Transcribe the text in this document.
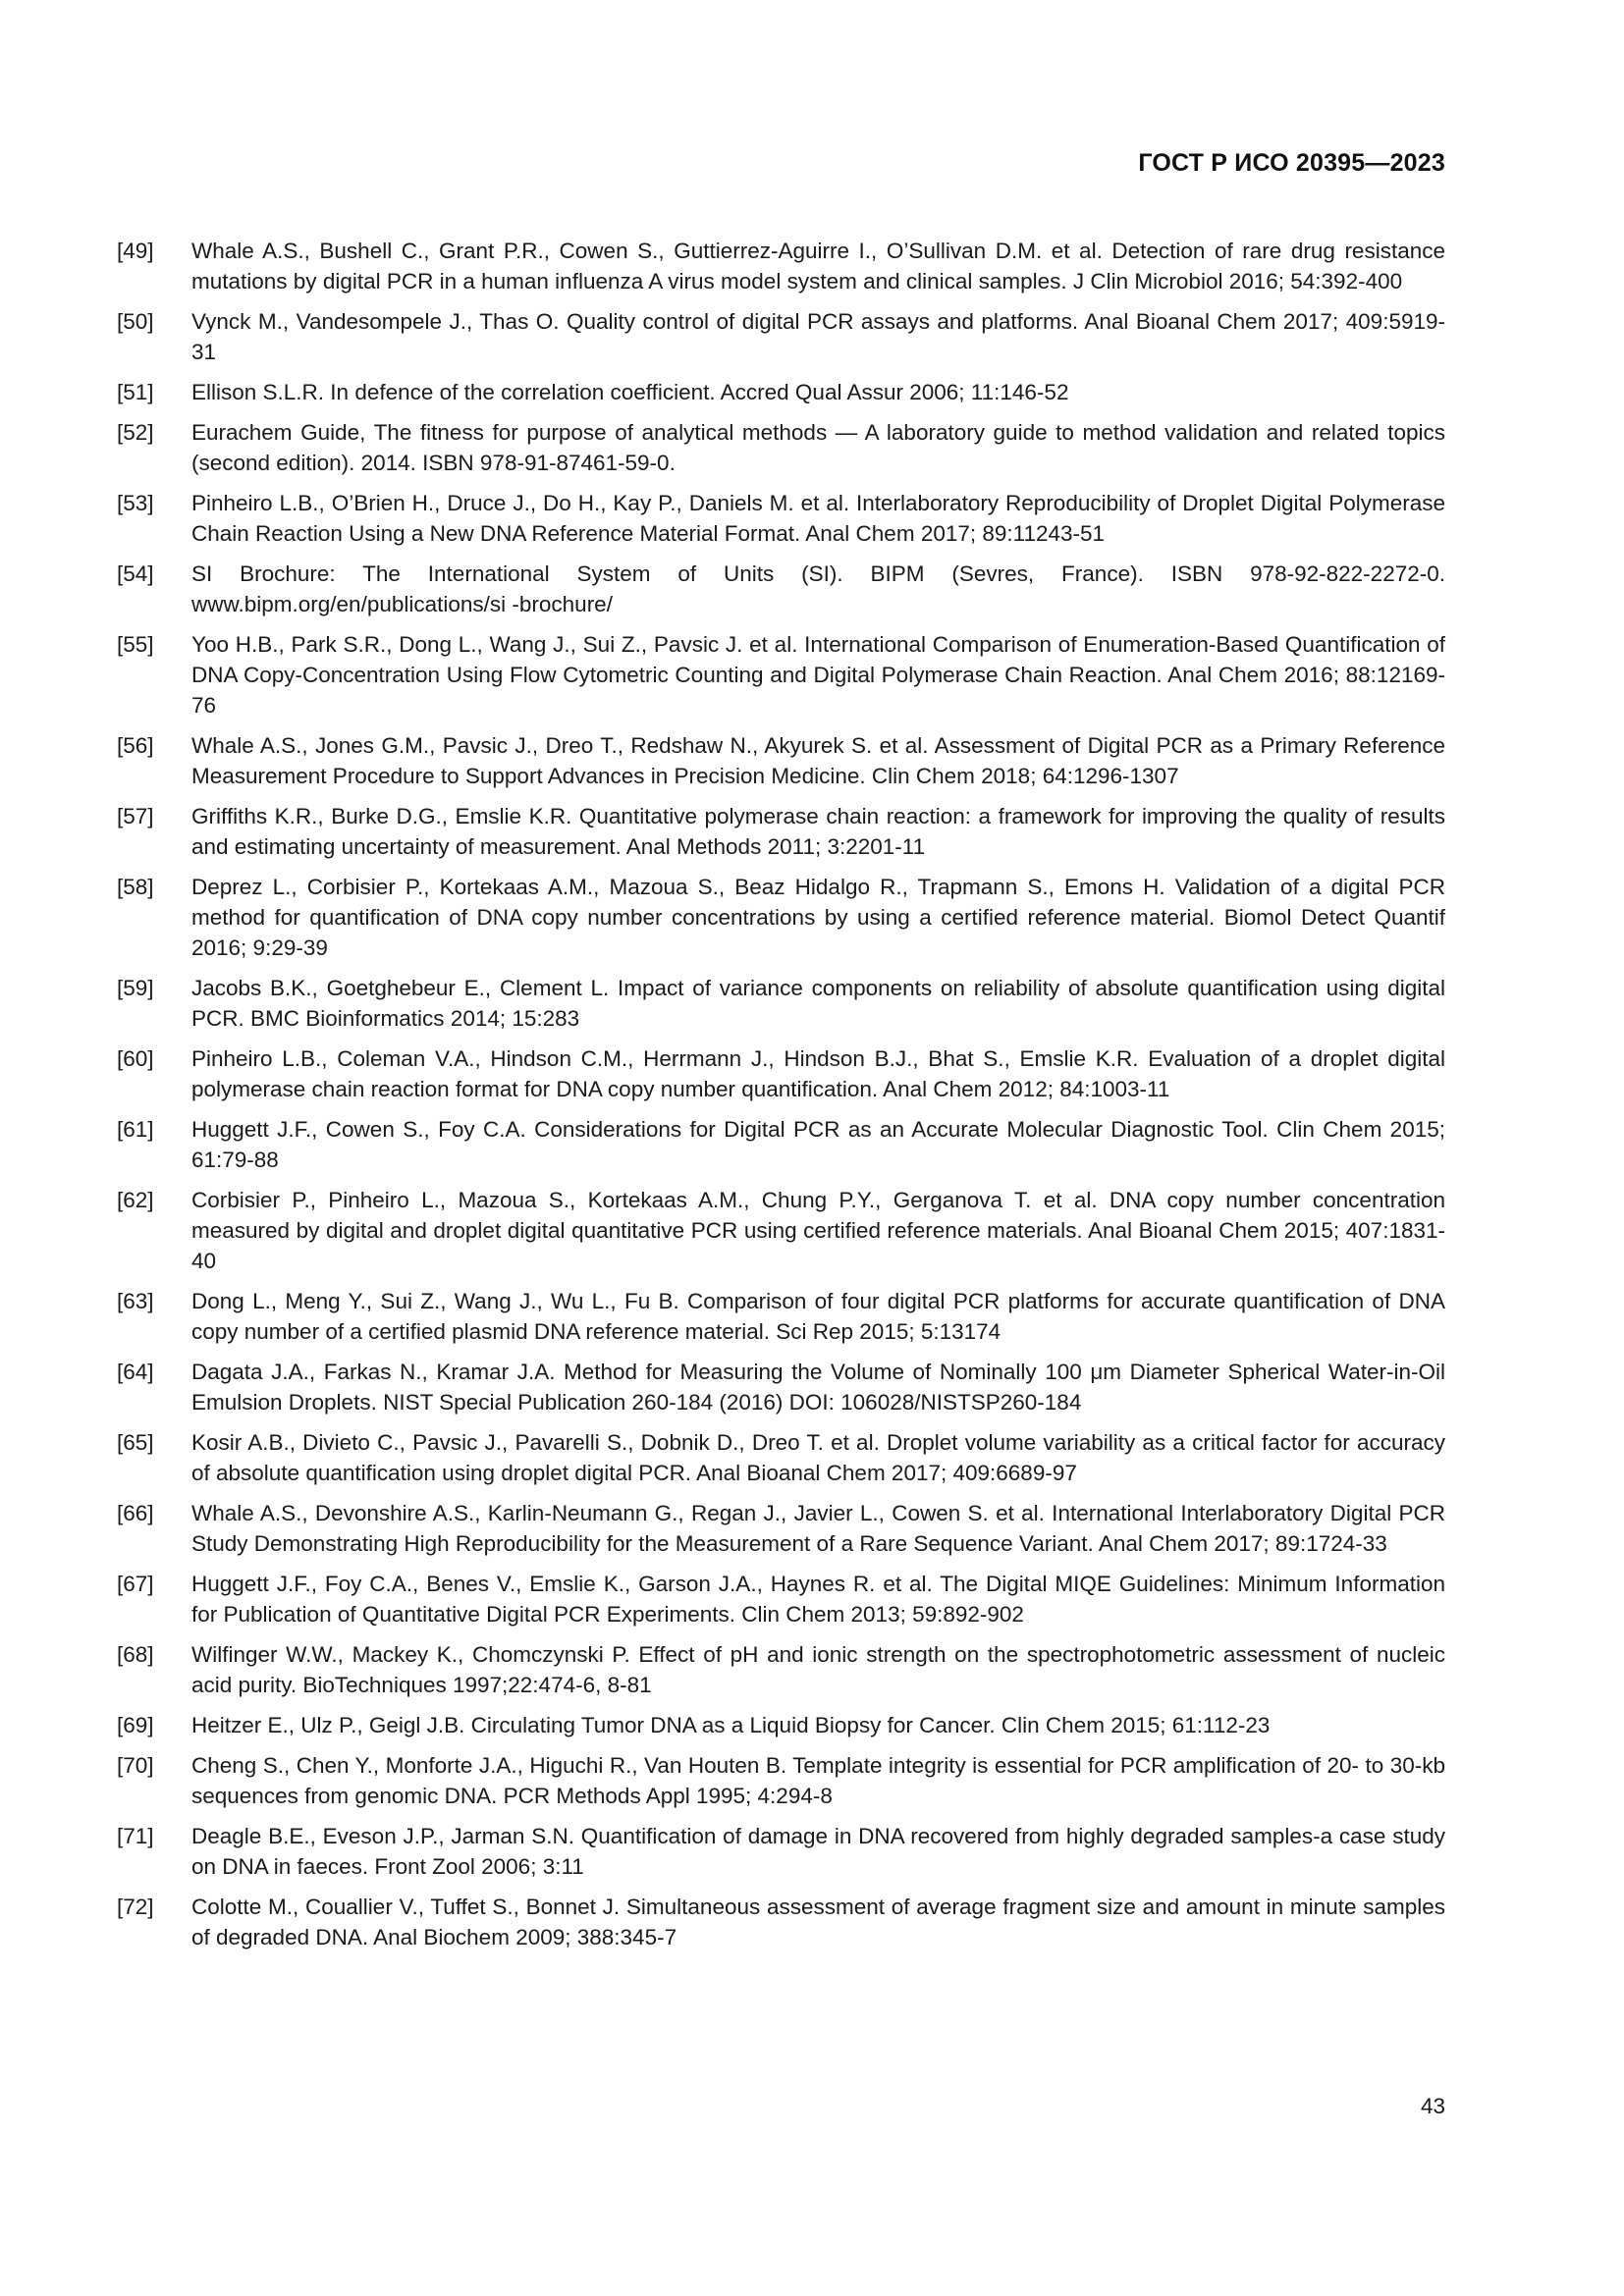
ГОСТ Р ИСО 20395—2023
[49]	Whale A.S., Bushell C., Grant P.R., Cowen S., Guttierrez-Aguirre I., O’Sullivan D.M. et al. Detection of rare drug resistance mutations by digital PCR in a human influenza A virus model system and clinical samples. J Clin Microbiol 2016; 54:392-400
[50]	Vynck M., Vandesompele J., Thas O. Quality control of digital PCR assays and platforms. Anal Bioanal Chem 2017; 409:5919-31
[51]	Ellison S.L.R. In defence of the correlation coefficient. Accred Qual Assur 2006; 11:146-52
[52]	Eurachem Guide, The fitness for purpose of analytical methods — A laboratory guide to method validation and related topics (second edition). 2014. ISBN 978-91-87461-59-0.
[53]	Pinheiro L.B., O’Brien H., Druce J., Do H., Kay P., Daniels M. et al. Interlaboratory Reproducibility of Droplet Digital Polymerase Chain Reaction Using a New DNA Reference Material Format. Anal Chem 2017; 89:11243-51
[54]	SI Brochure: The International System of Units (SI). BIPM (Sevres, France). ISBN 978-92-822-2272-0. www.bipm.org/en/publications/si -brochure/
[55]	Yoo H.B., Park S.R., Dong L., Wang J., Sui Z., Pavsic J. et al. International Comparison of Enumeration-Based Quantification of DNA Copy-Concentration Using Flow Cytometric Counting and Digital Polymerase Chain Reaction. Anal Chem 2016; 88:12169-76
[56]	Whale A.S., Jones G.M., Pavsic J., Dreo T., Redshaw N., Akyurek S. et al. Assessment of Digital PCR as a Primary Reference Measurement Procedure to Support Advances in Precision Medicine. Clin Chem 2018; 64:1296-1307
[57]	Griffiths K.R., Burke D.G., Emslie K.R. Quantitative polymerase chain reaction: a framework for improving the quality of results and estimating uncertainty of measurement. Anal Methods 2011; 3:2201-11
[58]	Deprez L., Corbisier P., Kortekaas A.M., Mazoua S., Beaz Hidalgo R., Trapmann S., Emons H. Validation of a digital PCR method for quantification of DNA copy number concentrations by using a certified reference material. Biomol Detect Quantif 2016; 9:29-39
[59]	Jacobs B.K., Goetghebeur E., Clement L. Impact of variance components on reliability of absolute quantification using digital PCR. BMC Bioinformatics 2014; 15:283
[60]	Pinheiro L.B., Coleman V.A., Hindson C.M., Herrmann J., Hindson B.J., Bhat S., Emslie K.R. Evaluation of a droplet digital polymerase chain reaction format for DNA copy number quantification. Anal Chem 2012; 84:1003-11
[61]	Huggett J.F., Cowen S., Foy C.A. Considerations for Digital PCR as an Accurate Molecular Diagnostic Tool. Clin Chem 2015; 61:79-88
[62]	Corbisier P., Pinheiro L., Mazoua S., Kortekaas A.M., Chung P.Y., Gerganova T. et al. DNA copy number concentration measured by digital and droplet digital quantitative PCR using certified reference materials. Anal Bioanal Chem 2015; 407:1831-40
[63]	Dong L., Meng Y., Sui Z., Wang J., Wu L., Fu B. Comparison of four digital PCR platforms for accurate quantification of DNA copy number of a certified plasmid DNA reference material. Sci Rep 2015; 5:13174
[64]	Dagata J.A., Farkas N., Kramar J.A. Method for Measuring the Volume of Nominally 100 μm Diameter Spherical Water-in-Oil Emulsion Droplets. NIST Special Publication 260-184 (2016) DOI: 106028/NISTSP260-184
[65]	Kosir A.B., Divieto C., Pavsic J., Pavarelli S., Dobnik D., Dreo T. et al. Droplet volume variability as a critical factor for accuracy of absolute quantification using droplet digital PCR. Anal Bioanal Chem 2017; 409:6689-97
[66]	Whale A.S., Devonshire A.S., Karlin-Neumann G., Regan J., Javier L., Cowen S. et al. International Interlaboratory Digital PCR Study Demonstrating High Reproducibility for the Measurement of a Rare Sequence Variant. Anal Chem 2017; 89:1724-33
[67]	Huggett J.F., Foy C.A., Benes V., Emslie K., Garson J.A., Haynes R. et al. The Digital MIQE Guidelines: Minimum Information for Publication of Quantitative Digital PCR Experiments. Clin Chem 2013; 59:892-902
[68]	Wilfinger W.W., Mackey K., Chomczynski P. Effect of pH and ionic strength on the spectrophotometric assessment of nucleic acid purity. BioTechniques 1997;22:474-6, 8-81
[69]	Heitzer E., Ulz P., Geigl J.B. Circulating Tumor DNA as a Liquid Biopsy for Cancer. Clin Chem 2015; 61:112-23
[70]	Cheng S., Chen Y., Monforte J.A., Higuchi R., Van Houten B. Template integrity is essential for PCR amplification of 20- to 30-kb sequences from genomic DNA. PCR Methods Appl 1995; 4:294-8
[71]	Deagle B.E., Eveson J.P., Jarman S.N. Quantification of damage in DNA recovered from highly degraded samples-a case study on DNA in faeces. Front Zool 2006; 3:11
[72]	Colotte M., Couallier V., Tuffet S., Bonnet J. Simultaneous assessment of average fragment size and amount in minute samples of degraded DNA. Anal Biochem 2009; 388:345-7
43
